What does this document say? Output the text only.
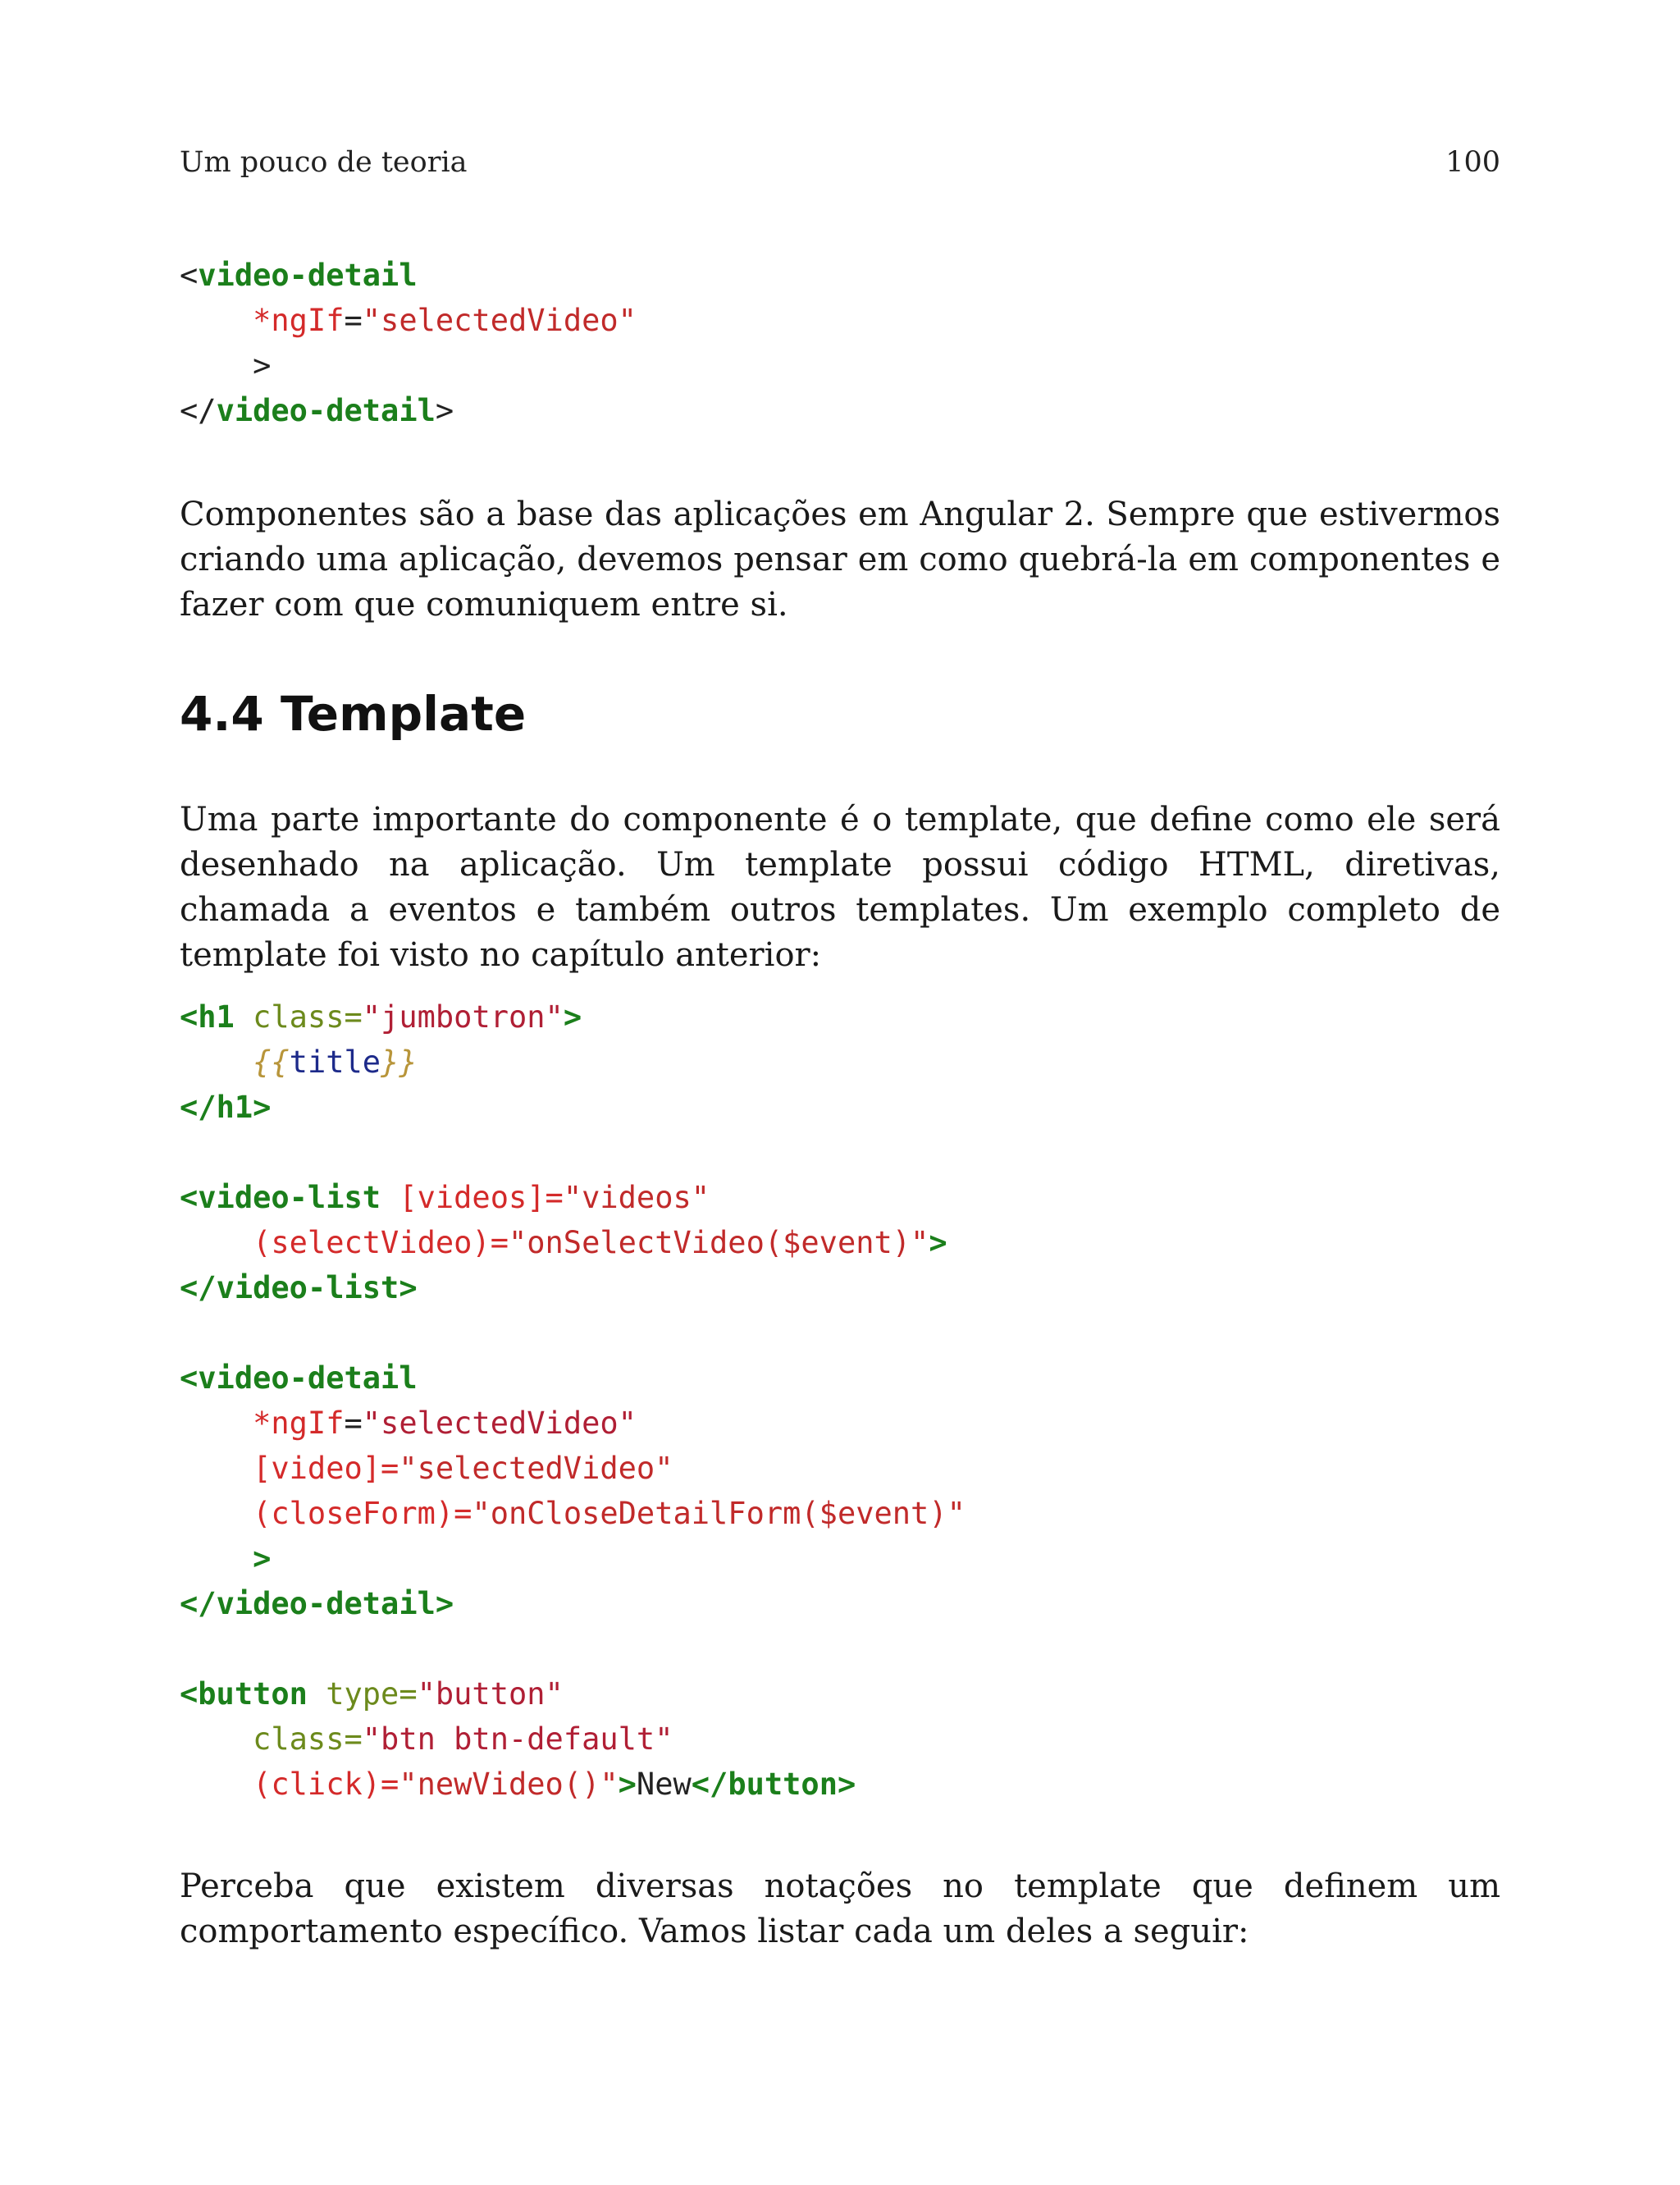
Um pouco de teoria	100
<video-detail
*ngIf="selectedVideo"
>
</video-detail>
Componentes são a base das aplicações em Angular 2. Sempre que estivermos criando uma aplicação, devemos pensar em como quebrá-la em componentes e fazer com que comuniquem entre si.
4.4 Template
Uma parte importante do componente é o template, que define como ele será desenhado na aplicação. Um template possui código HTML, diretivas, chamada a eventos e também outros templates. Um exemplo completo de template foi visto no capítulo anterior:
<h1 class="jumbotron">
{{title}}
</h1>

<video-list [videos]="videos"
(selectVideo)="onSelectVideo($event)">
</video-list>

<video-detail
*ngIf="selectedVideo"
[video]="selectedVideo"
(closeForm)="onCloseDetailForm($event)"
>
</video-detail>

<button type="button"
class="btn btn-default"
(click)="newVideo()">New</button>
Perceba que existem diversas notações no template que definem um comportamento específico. Vamos listar cada um deles a seguir:
